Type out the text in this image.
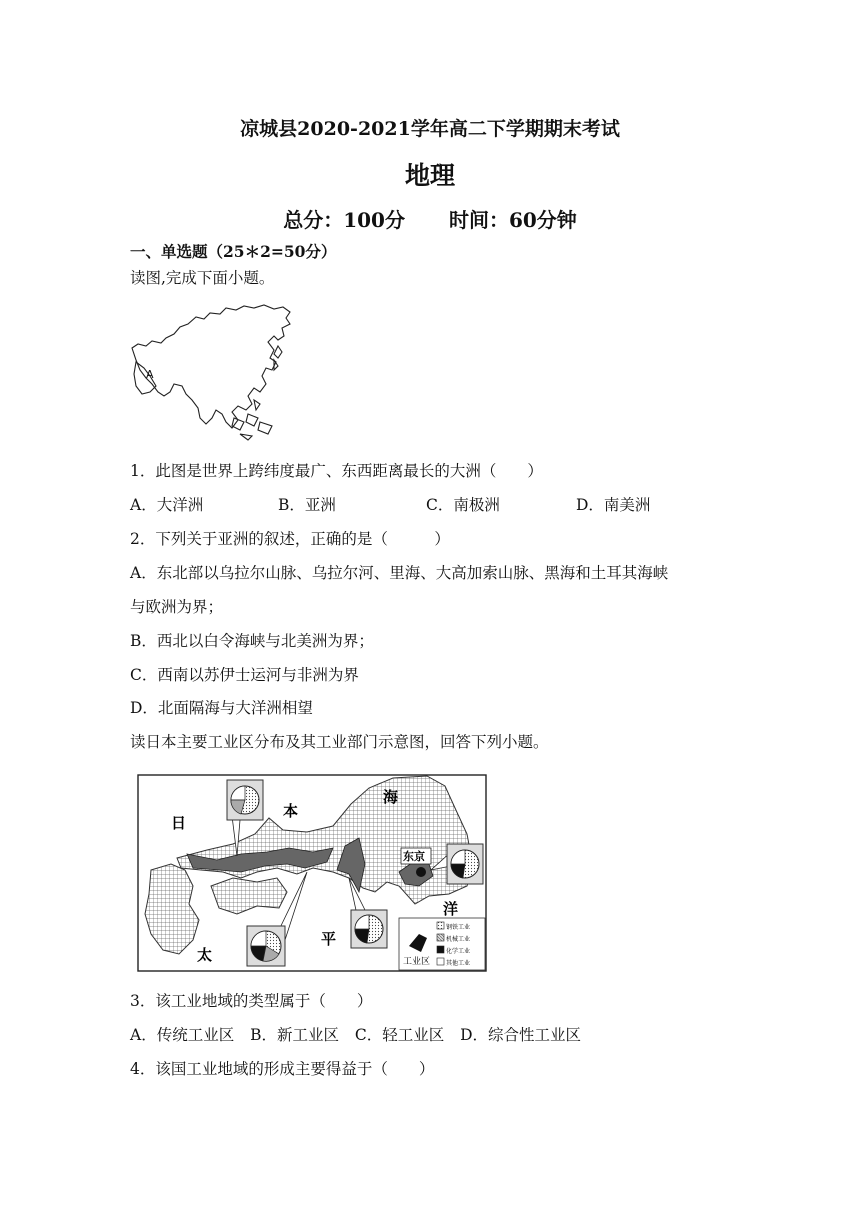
凉城县2020-2021学年高二下学期期末考试
地理
总分：100分 时间：60分钟
一、单选题（25＊2=50分）
读图,完成下面小题。
A
1．此图是世界上跨纬度最广、东西距离最长的大洲（　　）
A．大洋洲	B．亚洲	C．南极洲	D．南美洲
2．下列关于亚洲的叙述，正确的是（　　　）
A．东北部以乌拉尔山脉、乌拉尔河、里海、大高加索山脉、黑海和土耳其海峡
与欧洲为界；
B．西北以白令海峡与北美洲为界；
C．西南以苏伊士运河与非洲为界
D．北面隔海与大洋洲相望
读日本主要工业区分布及其工业部门示意图，回答下列小题。
日
本
海
太
平
洋
东京
工业区
钢铁工业
机械工业
化学工业
其他工业
3．该工业地域的类型属于（　　）
A．传统工业区 B．新工业区 C．轻工业区 D．综合性工业区
4．该国工业地域的形成主要得益于（　　）
